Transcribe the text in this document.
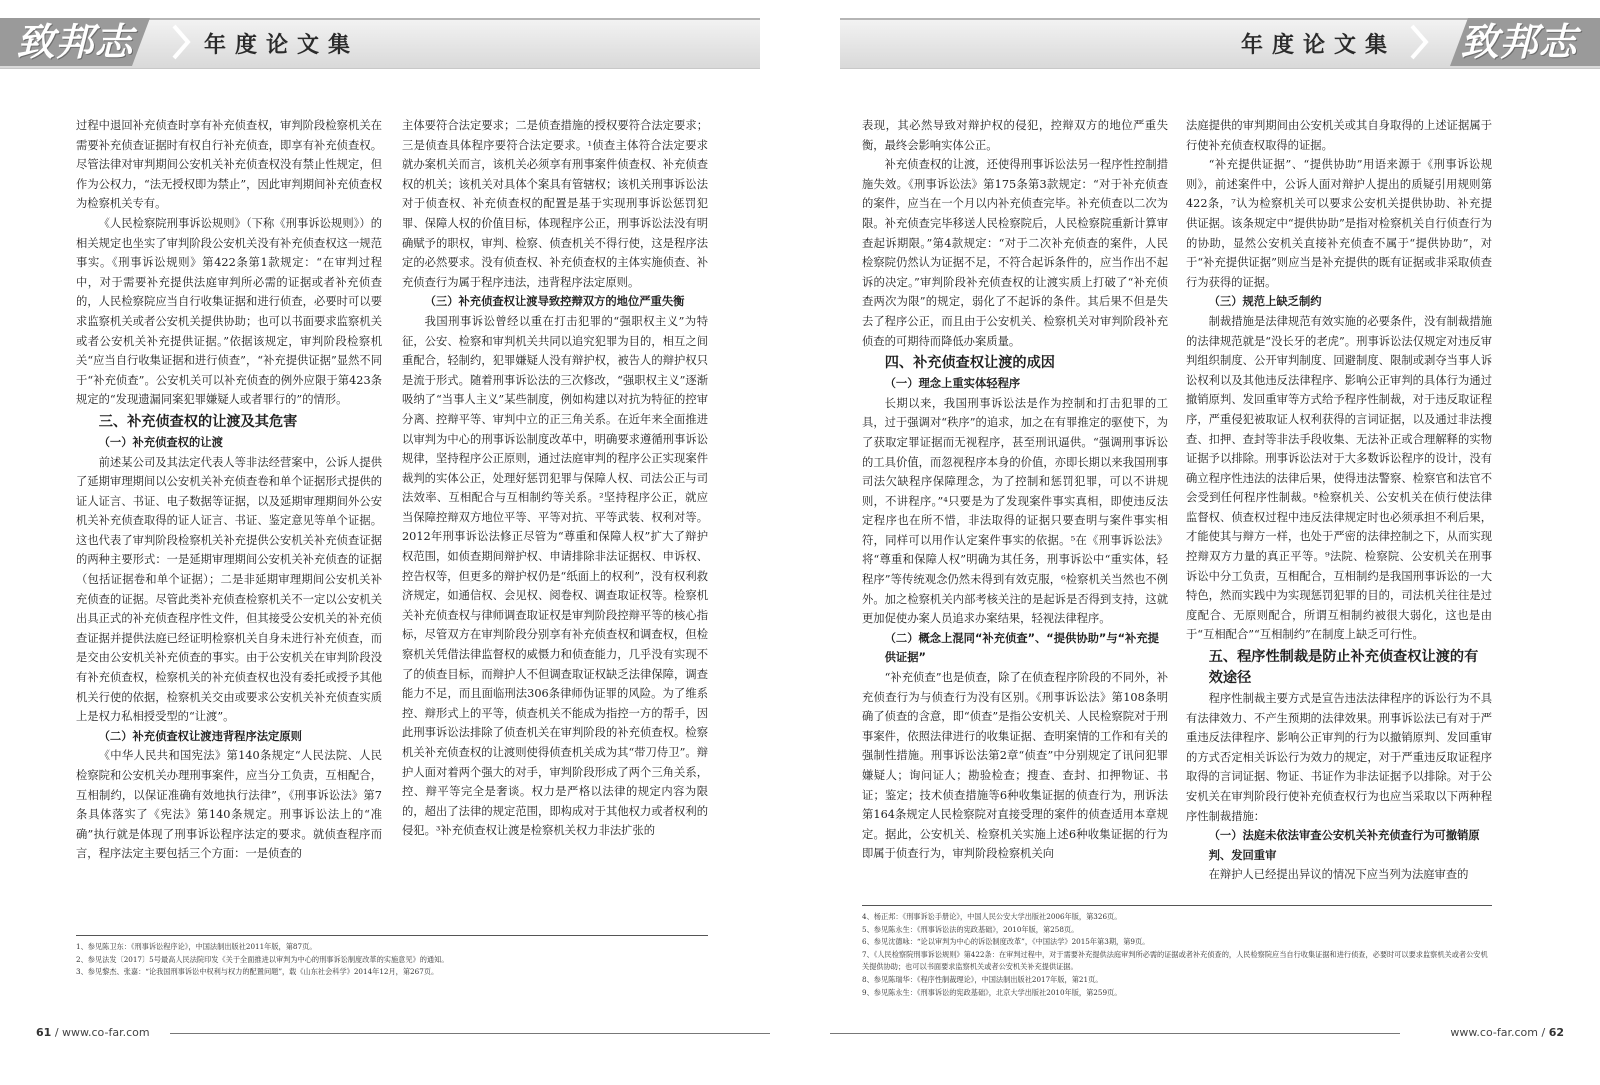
致邦志	年度论文集

过程中退回补充侦查时享有补充侦查权，审判阶段检察机关在需要补充侦查证据时有权自行补充侦查，即享有补充侦查权。尽管法律对审判期间公安机关补充侦查权没有禁止性规定，但作为公权力，“法无授权即为禁止”，因此审判期间补充侦查权为检察机关专有。

《人民检察院刑事诉讼规则》（下称《刑事诉讼规则》）的相关规定也坐实了审判阶段公安机关没有补充侦查权这一规范事实。《刑事诉讼规则》第422条第1款规定：“在审判过程中，对于需要补充提供法庭审判所必需的证据或者补充侦查的，人民检察院应当自行收集证据和进行侦查，必要时可以要求监察机关或者公安机关提供协助；也可以书面要求监察机关或者公安机关补充提供证据。”依据该规定，审判阶段检察机关“应当自行收集证据和进行侦查”，“补充提供证据”显然不同于“补充侦查”。公安机关可以补充侦查的例外应限于第423条规定的“发现遗漏同案犯罪嫌疑人或者罪行的”的情形。

三、补充侦查权的让渡及其危害
（一）补充侦查权的让渡

前述某公司及其法定代表人等非法经营案中，公诉人提供了延期审理期间以公安机关补充侦查卷和单个证据形式提供的证人证言、书证、电子数据等证据，以及延期审理期间外公安机关补充侦查取得的证人证言、书证、鉴定意见等单个证据。这也代表了审判阶段检察机关补充提供公安机关补充侦查证据的两种主要形式：一是延期审理期间公安机关补充侦查的证据（包括证据卷和单个证据）；二是非延期审理期间公安机关补充侦查的证据。尽管此类补充侦查检察机关不一定以公安机关出具正式的补充侦查程序性文件，但其接受公安机关的补充侦查证据并提供法庭已经证明检察机关自身未进行补充侦查，而是交由公安机关补充侦查的事实。由于公安机关在审判阶段没有补充侦查权，检察机关的补充侦查权也没有委托或授予其他机关行使的依据，检察机关交由或要求公安机关补充侦查实质上是权力私相授受型的“让渡”。

（二）补充侦查权让渡违背程序法定原则

《中华人民共和国宪法》第140条规定“人民法院、人民检察院和公安机关办理刑事案件，应当分工负责，互相配合，互相制约，以保证准确有效地执行法律”，《刑事诉讼法》第7条具体落实了《宪法》第140条规定。刑事诉讼法上的“准确”执行就是体现了刑事诉讼程序法定的要求。就侦查程序而言，程序法定主要包括三个方面：一是侦查的

主体要符合法定要求；二是侦查措施的授权要符合法定要求；三是侦查具体程序要符合法定要求。¹侦查主体符合法定要求就办案机关而言，该机关必须享有刑事案件侦查权、补充侦查权的机关；该机关对具体个案具有管辖权；该机关刑事诉讼法对于侦查权、补充侦查权的配置是基于实现刑事诉讼惩罚犯罪、保障人权的价值目标，体现程序公正，刑事诉讼法没有明确赋予的职权，审判、检察、侦查机关不得行使，这是程序法定的必然要求。没有侦查权、补充侦查权的主体实施侦查、补充侦查行为属于程序违法，违背程序法定原则。

（三）补充侦查权让渡导致控辩双方的地位严重失衡

我国刑事诉讼曾经以重在打击犯罪的“强职权主义”为特征，公安、检察和审判机关共同以追究犯罪为目的，相互之间重配合，轻制约，犯罪嫌疑人没有辩护权，被告人的辩护权只是流于形式。随着刑事诉讼法的三次修改，“强职权主义”逐渐吸纳了“当事人主义”某些制度，例如构建以对抗为特征的控审分离、控辩平等、审判中立的正三角关系。在近年来全面推进以审判为中心的刑事诉讼制度改革中，明确要求遵循刑事诉讼规律，坚持程序公正原则，通过法庭审判的程序公正实现案件裁判的实体公正，处理好惩罚犯罪与保障人权、司法公正与司法效率、互相配合与互相制约等关系。²坚持程序公正，就应当保障控辩双方地位平等、平等对抗、平等武装、权利对等。2012年刑事诉讼法修正尽管为“尊重和保障人权”扩大了辩护权范围，如侦查期间辩护权、申请排除非法证据权、申诉权、控告权等，但更多的辩护权仍是“纸面上的权利”，没有权利救济规定，如通信权、会见权、阅卷权、调查取证权等。检察机关补充侦查权与律师调查取证权是审判阶段控辩平等的核心指标，尽管双方在审判阶段分别享有补充侦查权和调查权，但检察机关凭借法律监督权的威慑力和侦查能力，几乎没有实现不了的侦查目标，而辩护人不但调查取证权缺乏法律保障，调查能力不足，而且面临刑法306条律师伪证罪的风险。为了维系控、辩形式上的平等，侦查机关不能成为指控一方的帮手，因此刑事诉讼法排除了侦查机关在审判阶段的补充侦查权。检察机关补充侦查权的让渡则使得侦查机关成为其“带刀侍卫”。辩护人面对着两个强大的对手，审判阶段形成了两个三角关系，控、辩平等完全是奢谈。权力是严格以法律的规定内容为限的，超出了法律的规定范围，即构成对于其他权力或者权利的侵犯。³补充侦查权让渡是检察机关权力非法扩张的

1、参见陈卫东：《刑事诉讼程序论》，中国法制出版社2011年版，第87页。
2、参见法发〔2017〕5号最高人民法院印发《关于全面推进以审判为中心的刑事诉讼制度改革的实施意见》的通知。
3、参见黎杰、张嘉：“论我国刑事诉讼中权利与权力的配置问题”，载《山东社会科学》2014年12月，第267页。
61 / www.co-far.com
致邦志
年度论文集

表现，其必然导致对辩护权的侵犯，控辩双方的地位严重失衡，最终会影响实体公正。

补充侦查权的让渡，还使得刑事诉讼法另一程序性控制措施失效。《刑事诉讼法》第175条第3款规定：“对于补充侦查的案件，应当在一个月以内补充侦查完毕。补充侦查以二次为限。补充侦查完毕移送人民检察院后，人民检察院重新计算审查起诉期限。”第4款规定：“对于二次补充侦查的案件，人民检察院仍然认为证据不足，不符合起诉条件的，应当作出不起诉的决定。”审判阶段补充侦查权的让渡实质上打破了“补充侦查两次为限”的规定，弱化了不起诉的条件。其后果不但是失去了程序公正，而且由于公安机关、检察机关对审判阶段补充侦查的可期待而降低办案质量。

四、补充侦查权让渡的成因
（一）理念上重实体轻程序

长期以来，我国刑事诉讼法是作为控制和打击犯罪的工具，过于强调对“秩序”的追求，加之在有罪推定的驱使下，为了获取定罪证据而无视程序，甚至刑讯逼供。“强调刑事诉讼的工具价值，而忽视程序本身的价值，亦即长期以来我国刑事司法欠缺程序保障理念，为了控制和惩罚犯罪，可以不讲规则，不讲程序。”⁴只要是为了发现案件事实真相，即使违反法定程序也在所不惜，非法取得的证据只要查明与案件事实相符，同样可以用作认定案件事实的依据。⁵在《刑事诉讼法》将“尊重和保障人权”明确为其任务，刑事诉讼中“重实体，轻程序”等传统观念仍然未得到有效克服，⁶检察机关当然也不例外。加之检察机关内部考核关注的是起诉是否得到支持，这就更加促使办案人员追求办案结果，轻视法律程序。

（二）概念上混同“补充侦查”、“提供协助”与“补充提供证据”

“补充侦查”也是侦查，除了在侦查程序阶段的不同外，补充侦查行为与侦查行为没有区别。《刑事诉讼法》第108条明确了侦查的含意，即“侦查”是指公安机关、人民检察院对于刑事案件，依照法律进行的收集证据、查明案情的工作和有关的强制性措施。刑事诉讼法第2章“侦查”中分别规定了讯问犯罪嫌疑人；询问证人；勘验检查；搜查、查封、扣押物证、书证；鉴定；技术侦查措施等6种收集证据的侦查行为，刑诉法第164条规定人民检察院对直接受理的案件的侦查适用本章规定。据此，公安机关、检察机关实施上述6种收集证据的行为即属于侦查行为，审判阶段检察机关向

法庭提供的审判期间由公安机关或其自身取得的上述证据属于行使补充侦查权取得的证据。

“补充提供证据”、“提供协助”用语来源于《刑事诉讼规则》，前述案件中，公诉人面对辩护人提出的质疑引用规则第422条，⁷认为检察机关可以要求公安机关提供协助、补充提供证据。该条规定中“提供协助”是指对检察机关自行侦查行为的协助，显然公安机关直接补充侦查不属于“提供协助”，对于“补充提供证据”则应当是补充提供的既有证据或非采取侦查行为获得的证据。

（三）规范上缺乏制约

制裁措施是法律规范有效实施的必要条件，没有制裁措施的法律规范就是“没长牙的老虎”。刑事诉讼法仅规定对违反审判组织制度、公开审判制度、回避制度、限制或剥夺当事人诉讼权利以及其他违反法律程序、影响公正审判的具体行为通过撤销原判、发回重审等方式给予程序性制裁，对于违反取证程序，严重侵犯被取证人权利获得的言词证据，以及通过非法搜查、扣押、查封等非法手段收集、无法补正或合理解释的实物证据予以排除。刑事诉讼法对于大多数诉讼程序的设计，没有确立程序性违法的法律后果，使得违法警察、检察官和法官不会受到任何程序性制裁。⁸检察机关、公安机关在侦行使法律监督权、侦查权过程中违反法律规定时也必须承担不利后果，才能使其与辩方一样，也处于严密的法律控制之下，从而实现控辩双方力量的真正平等。⁹法院、检察院、公安机关在刑事诉讼中分工负责，互相配合，互相制约是我国刑事诉讼的一大特色，然而实践中为实现惩罚犯罪的目的，司法机关往往是过度配合、无原则配合，所谓互相制约被很大弱化，这也是由于“互相配合”“互相制约”在制度上缺乏可行性。

五、程序性制裁是防止补充侦查权让渡的有效途径

程序性制裁主要方式是宣告违法法律程序的诉讼行为不具有法律效力、不产生预期的法律效果。刑事诉讼法已有对于严重违反法律程序、影响公正审判的行为以撤销原判、发回重审的方式否定相关诉讼行为效力的规定，对于严重违反取证程序取得的言词证据、物证、书证作为非法证据予以排除。对于公安机关在审判阶段行使补充侦查权行为也应当采取以下两种程序性制裁措施：

（一）法庭未依法审查公安机关补充侦查行为可撤销原判、发回重审

在辩护人已经提出异议的情况下应当列为法庭审查的

4、杨正邦：《刑事诉讼手册论》，中国人民公安大学出版社2006年版，第326页。
5、参见陈永生：《刑事诉讼法的宪政基础》，2010年版，第258页。
6、参见沈德咏：“论以审判为中心的诉讼制度改革”，《中国法学》2015年第3期，第9页。
7、《人民检察院刑事诉讼规则》第422条：在审判过程中，对于需要补充提供法庭审判所必需的证据或者补充侦查的，人民检察院应当自行收集证据和进行侦查，必要时可以要求监察机关或者公安机关提供协助；也可以书面要求监察机关或者公安机关补充提供证据。
8、参见陈瑞华：《程序性制裁理论》，中国法制出版社2017年版，第21页。
9、参见陈永生：《刑事诉讼的宪政基础》，北京大学出版社2010年版，第259页。
www.co-far.com / 62
